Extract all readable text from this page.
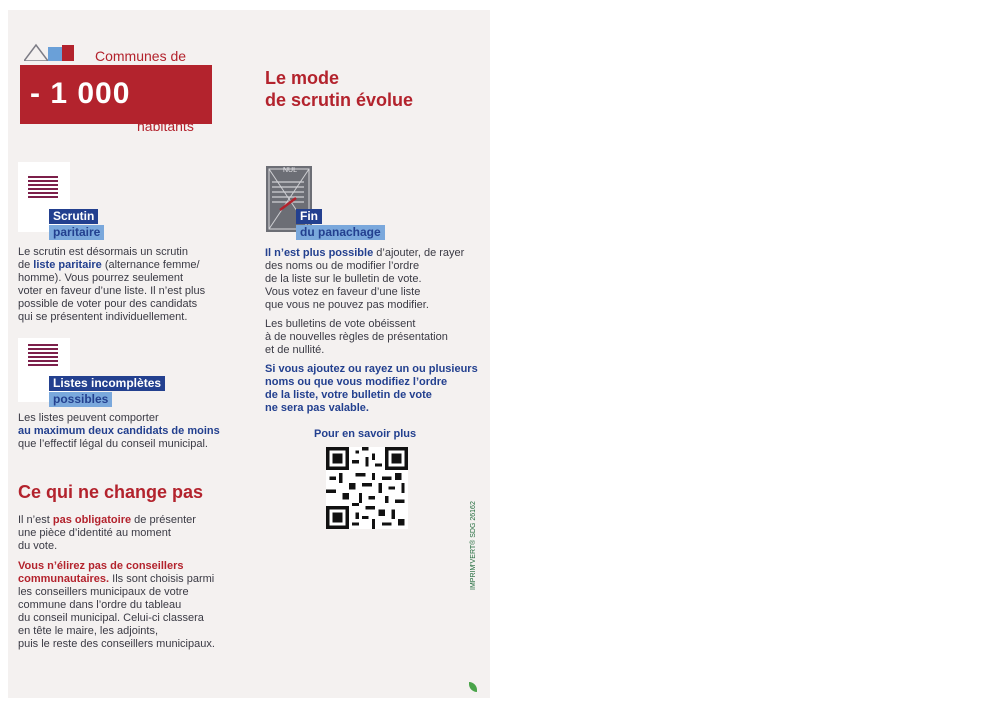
Communes de
- 1 000
habitants
Le mode
de scrutin évolue
Scrutin
paritaire
Le scrutin est désormais un scrutin
de liste paritaire (alternance femme/
homme). Vous pourrez seulement
voter en faveur d’une liste. Il n’est plus
possible de voter pour des candidats
qui se présentent individuellement.
Listes incomplètes
possibles
Les listes peuvent comporter
au maximum deux candidats de moins
que l’effectif légal du conseil municipal.
Ce qui ne change pas
Il n’est pas obligatoire de présenter
une pièce d’identité au moment
du vote.
Vous n’élirez pas de conseillers
communautaires. Ils sont choisis parmi
les conseillers municipaux de votre
commune dans l’ordre du tableau
du conseil municipal. Celui-ci classera
en tête le maire, les adjoints,
puis le reste des conseillers municipaux.
NUL
Fin
du panachage
Il n’est plus possible d’ajouter, de rayer
des noms ou de modifier l’ordre
de la liste sur le bulletin de vote.
Vous votez en faveur d’une liste
que vous ne pouvez pas modifier.
Les bulletins de vote obéissent
à de nouvelles règles de présentation
et de nullité.
Si vous ajoutez ou rayez un ou plusieurs
noms ou que vous modifiez l’ordre
de la liste, votre bulletin de vote
ne sera pas valable.
Pour en savoir plus
IMPRIM'VERT® SDG 26162
